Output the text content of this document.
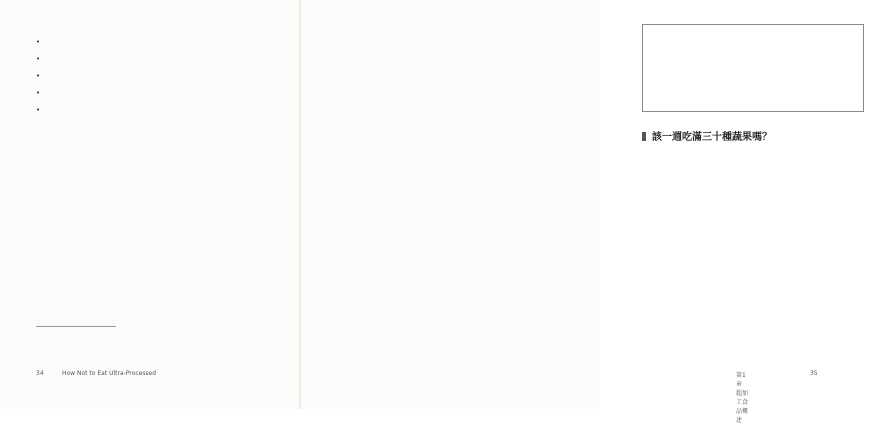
•
•
•
•
•

34	How Not to Eat Ultra-Processed
該一週吃滿三十種蔬果嗎？

第1章　超加工食品概述
35
